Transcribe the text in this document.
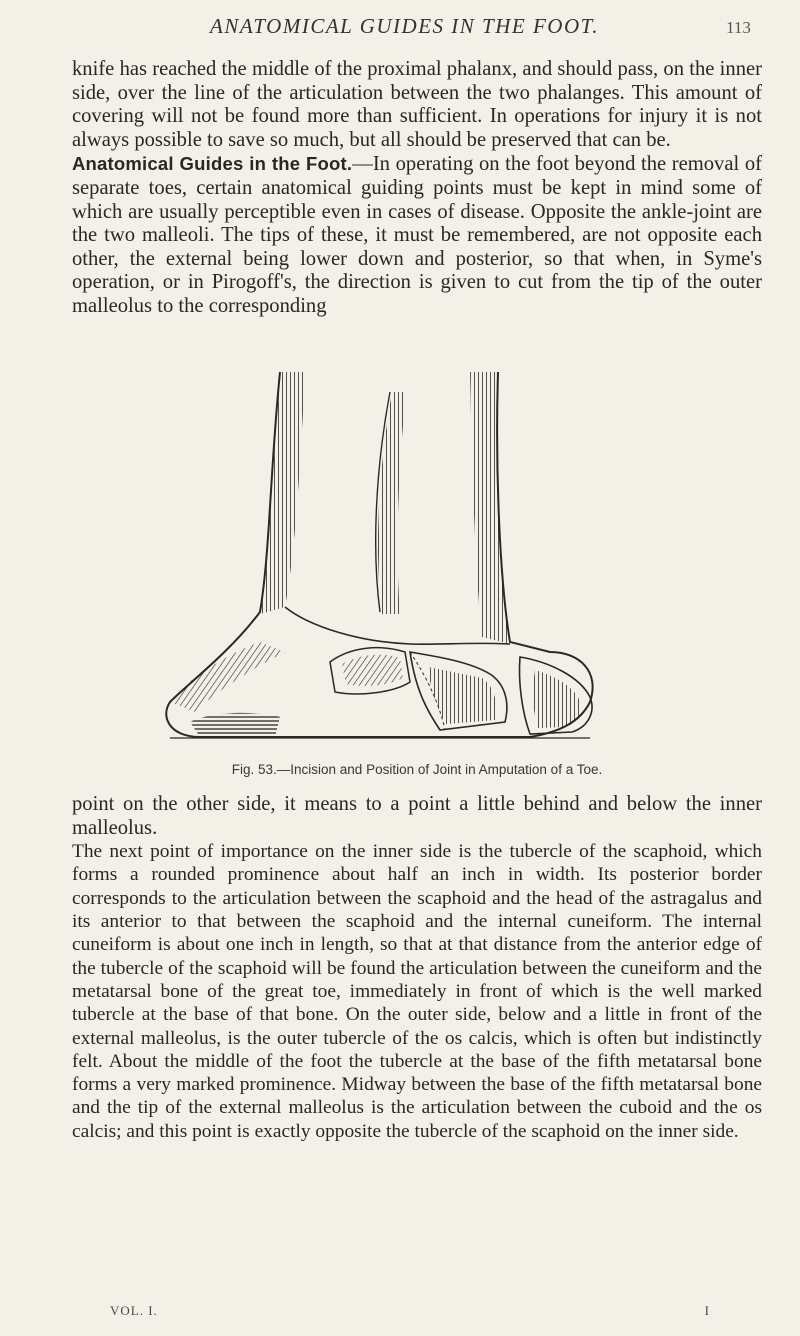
ANATOMICAL GUIDES IN THE FOOT.	113

knife has reached the middle of the proximal phalanx, and should pass, on the inner side, over the line of the articulation between the two phalanges. This amount of covering will not be found more than sufficient. In operations for injury it is not always possible to save so much, but all should be preserved that can be.

Anatomical Guides in the Foot.—In operating on the foot beyond the removal of separate toes, certain anatomical guiding points must be kept in mind some of which are usually perceptible even in cases of disease. Opposite the ankle-joint are the two malleoli. The tips of these, it must be remembered, are not opposite each other, the external being lower down and posterior, so that when, in Syme's operation, or in Pirogoff's, the direction is given to cut from the tip of the outer malleolus to the corresponding

Fig. 53.—Incision and Position of Joint in Amputation of a Toe.

point on the other side, it means to a point a little behind and below the inner malleolus.

The next point of importance on the inner side is the tubercle of the scaphoid, which forms a rounded prominence about half an inch in width. Its posterior border corresponds to the articulation between the scaphoid and the head of the astragalus and its anterior to that between the scaphoid and the internal cuneiform. The internal cuneiform is about one inch in length, so that at that distance from the anterior edge of the tubercle of the scaphoid will be found the articulation between the cuneiform and the metatarsal bone of the great toe, immediately in front of which is the well marked tubercle at the base of that bone. On the outer side, below and a little in front of the external malleolus, is the outer tubercle of the os calcis, which is often but indistinctly felt. About the middle of the foot the tubercle at the base of the fifth metatarsal bone forms a very marked prominence. Midway between the base of the fifth metatarsal bone and the tip of the external malleolus is the articulation between the cuboid and the os calcis; and this point is exactly opposite the tubercle of the scaphoid on the inner side.

VOL. I.	I
